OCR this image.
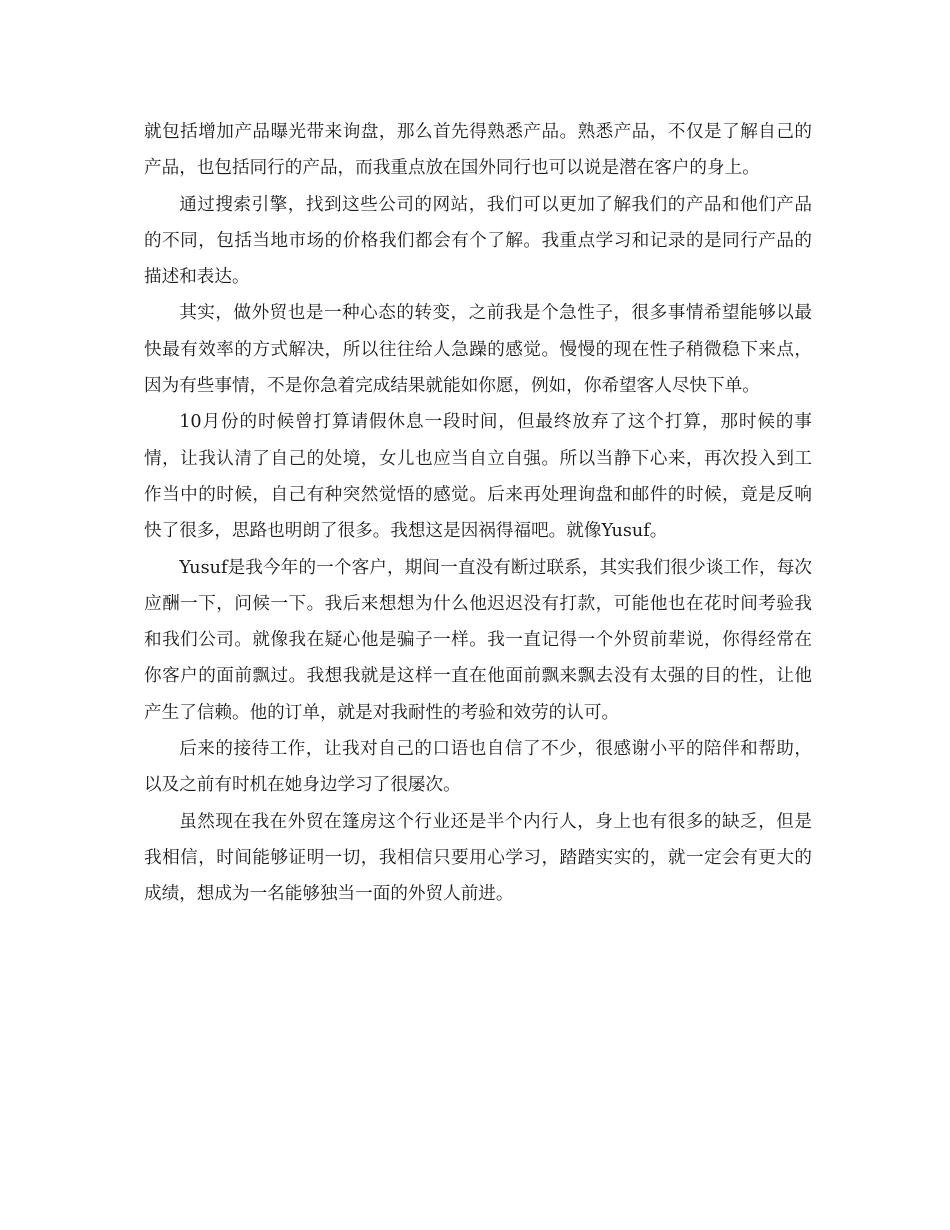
就包括增加产品曝光带来询盘，那么首先得熟悉产品。熟悉产品，不仅是了解自己的产品，也包括同行的产品，而我重点放在国外同行也可以说是潜在客户的身上。

通过搜索引擎，找到这些公司的网站，我们可以更加了解我们的产品和他们产品的不同，包括当地市场的价格我们都会有个了解。我重点学习和记录的是同行产品的描述和表达。

其实，做外贸也是一种心态的转变，之前我是个急性子，很多事情希望能够以最快最有效率的方式解决，所以往往给人急躁的感觉。慢慢的现在性子稍微稳下来点，因为有些事情，不是你急着完成结果就能如你愿，例如，你希望客人尽快下单。

10月份的时候曾打算请假休息一段时间，但最终放弃了这个打算，那时候的事情，让我认清了自己的处境，女儿也应当自立自强。所以当静下心来，再次投入到工作当中的时候，自己有种突然觉悟的感觉。后来再处理询盘和邮件的时候，竟是反响快了很多，思路也明朗了很多。我想这是因祸得福吧。就像Yusuf。

Yusuf是我今年的一个客户，期间一直没有断过联系，其实我们很少谈工作，每次应酬一下，问候一下。我后来想想为什么他迟迟没有打款，可能他也在花时间考验我和我们公司。就像我在疑心他是骗子一样。我一直记得一个外贸前辈说，你得经常在你客户的面前飘过。我想我就是这样一直在他面前飘来飘去没有太强的目的性，让他产生了信赖。他的订单，就是对我耐性的考验和效劳的认可。

后来的接待工作，让我对自己的口语也自信了不少，很感谢小平的陪伴和帮助，以及之前有时机在她身边学习了很屡次。

虽然现在我在外贸在篷房这个行业还是半个内行人，身上也有很多的缺乏，但是我相信，时间能够证明一切，我相信只要用心学习，踏踏实实的，就一定会有更大的成绩，想成为一名能够独当一面的外贸人前进。
